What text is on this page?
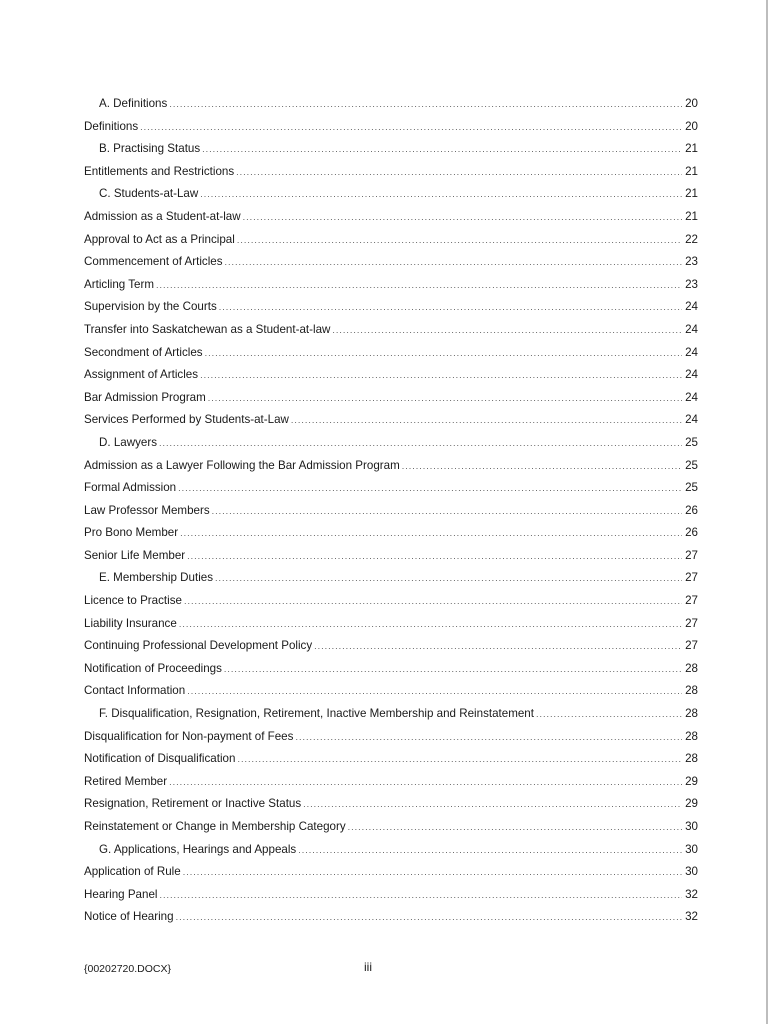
A. Definitions .....	20
Definitions .....	20
B. Practising Status .....	21
Entitlements and Restrictions .....	21
C. Students-at-Law .....	21
Admission as a Student-at-law .....	21
Approval to Act as a Principal .....	22
Commencement of Articles .....	23
Articling Term .....	23
Supervision by the Courts .....	24
Transfer into Saskatchewan as a Student-at-law .....	24
Secondment of Articles .....	24
Assignment of Articles .....	24
Bar Admission Program .....	24
Services Performed by Students-at-Law .....	24
D. Lawyers .....	25
Admission as a Lawyer Following the Bar Admission Program .....	25
Formal Admission .....	25
Law Professor Members .....	26
Pro Bono Member .....	26
Senior Life Member .....	27
E. Membership Duties .....	27
Licence to Practise .....	27
Liability Insurance .....	27
Continuing Professional Development Policy .....	27
Notification of Proceedings .....	28
Contact Information .....	28
F. Disqualification, Resignation, Retirement, Inactive Membership and Reinstatement .....	28
Disqualification for Non-payment of Fees .....	28
Notification of Disqualification .....	28
Retired Member .....	29
Resignation, Retirement or Inactive Status .....	29
Reinstatement or Change in Membership Category .....	30
G. Applications, Hearings and Appeals .....	30
Application of Rule .....	30
Hearing Panel .....	32
Notice of Hearing .....	32
{00202720.DOCX}	iii
